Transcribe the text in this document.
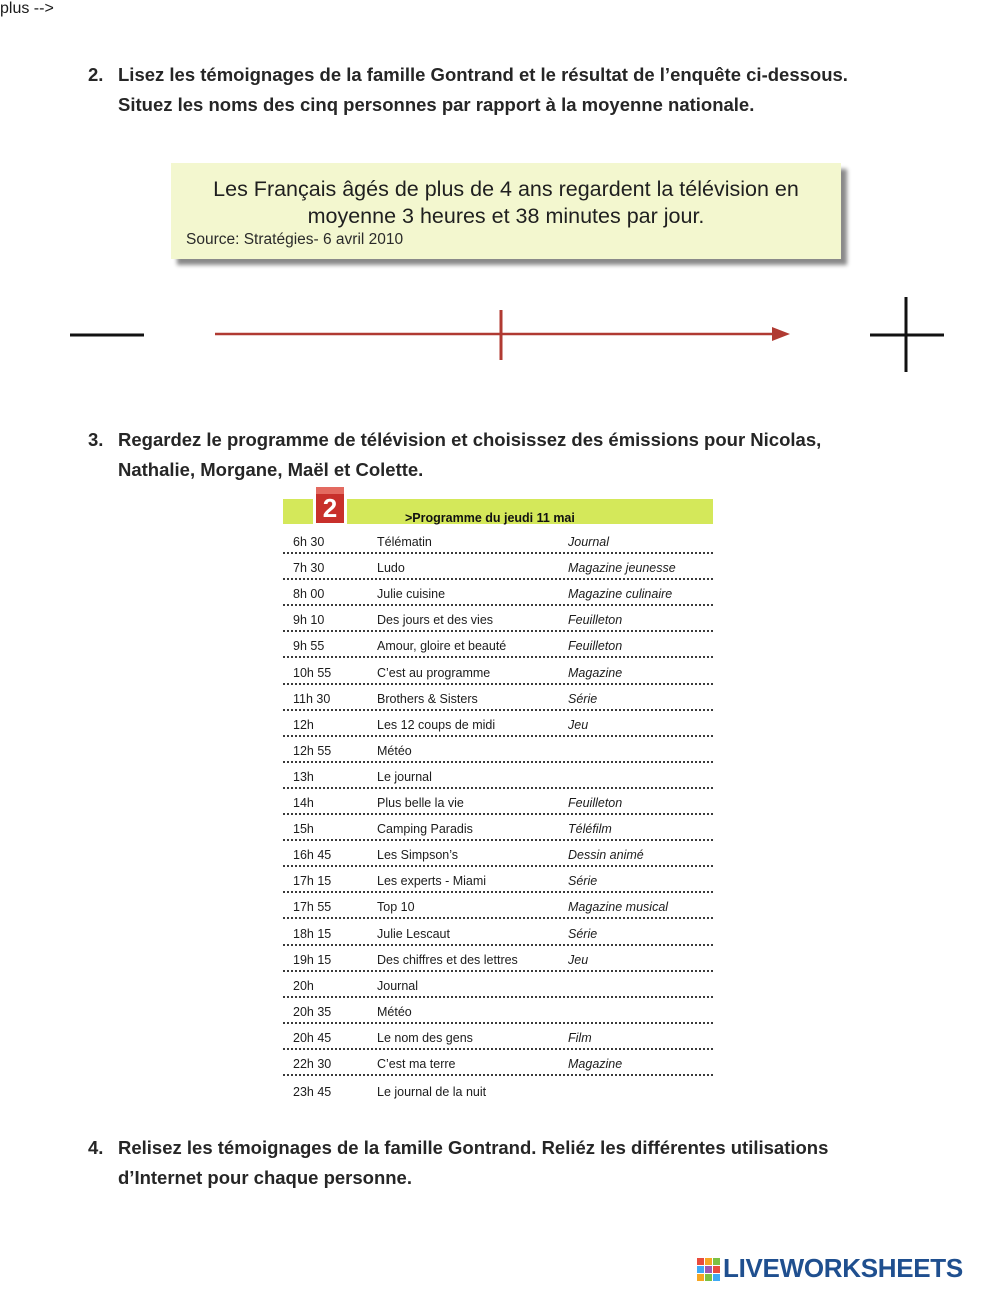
2. Lisez les témoignages de la famille Gontrand et le résultat de l’enquête ci-dessous.
Situez les noms des cinq personnes par rapport à la moyenne nationale.
Les Français âgés de plus de 4 ans regardent la télévision en
moyenne 3 heures et 38 minutes par jour.
Source: Stratégies- 6 avril 2010
plus -->
3. Regardez le programme de télévision et choisissez des émissions pour Nicolas,
Nathalie, Morgane, Maël et Colette.
>Programme du jeudi 11 mai
2
6h 30	Télématin	Journal
7h 30	Ludo	Magazine jeunesse
8h 00	Julie cuisine	Magazine culinaire
9h 10	Des jours et des vies	Feuilleton
9h 55	Amour, gloire et beauté	Feuilleton
10h 55	C’est au programme	Magazine
11h 30	Brothers & Sisters	Série
12h	Les 12 coups de midi	Jeu
12h 55	Météo
13h	Le journal
14h	Plus belle la vie	Feuilleton
15h	Camping Paradis	Téléfilm
16h 45	Les Simpson’s	Dessin animé
17h 15	Les experts - Miami	Série
17h 55	Top 10	Magazine musical
18h 15	Julie Lescaut	Série
19h 15	Des chiffres et des lettres	Jeu
20h	Journal
20h 35	Météo
20h 45	Le nom des gens	Film
22h 30	C’est ma terre	Magazine
23h 45	Le journal de la nuit
4. Relisez les témoignages de la famille Gontrand. Reliéz les différentes utilisations
d’Internet pour chaque personne.
LIVEWORKSHEETS
